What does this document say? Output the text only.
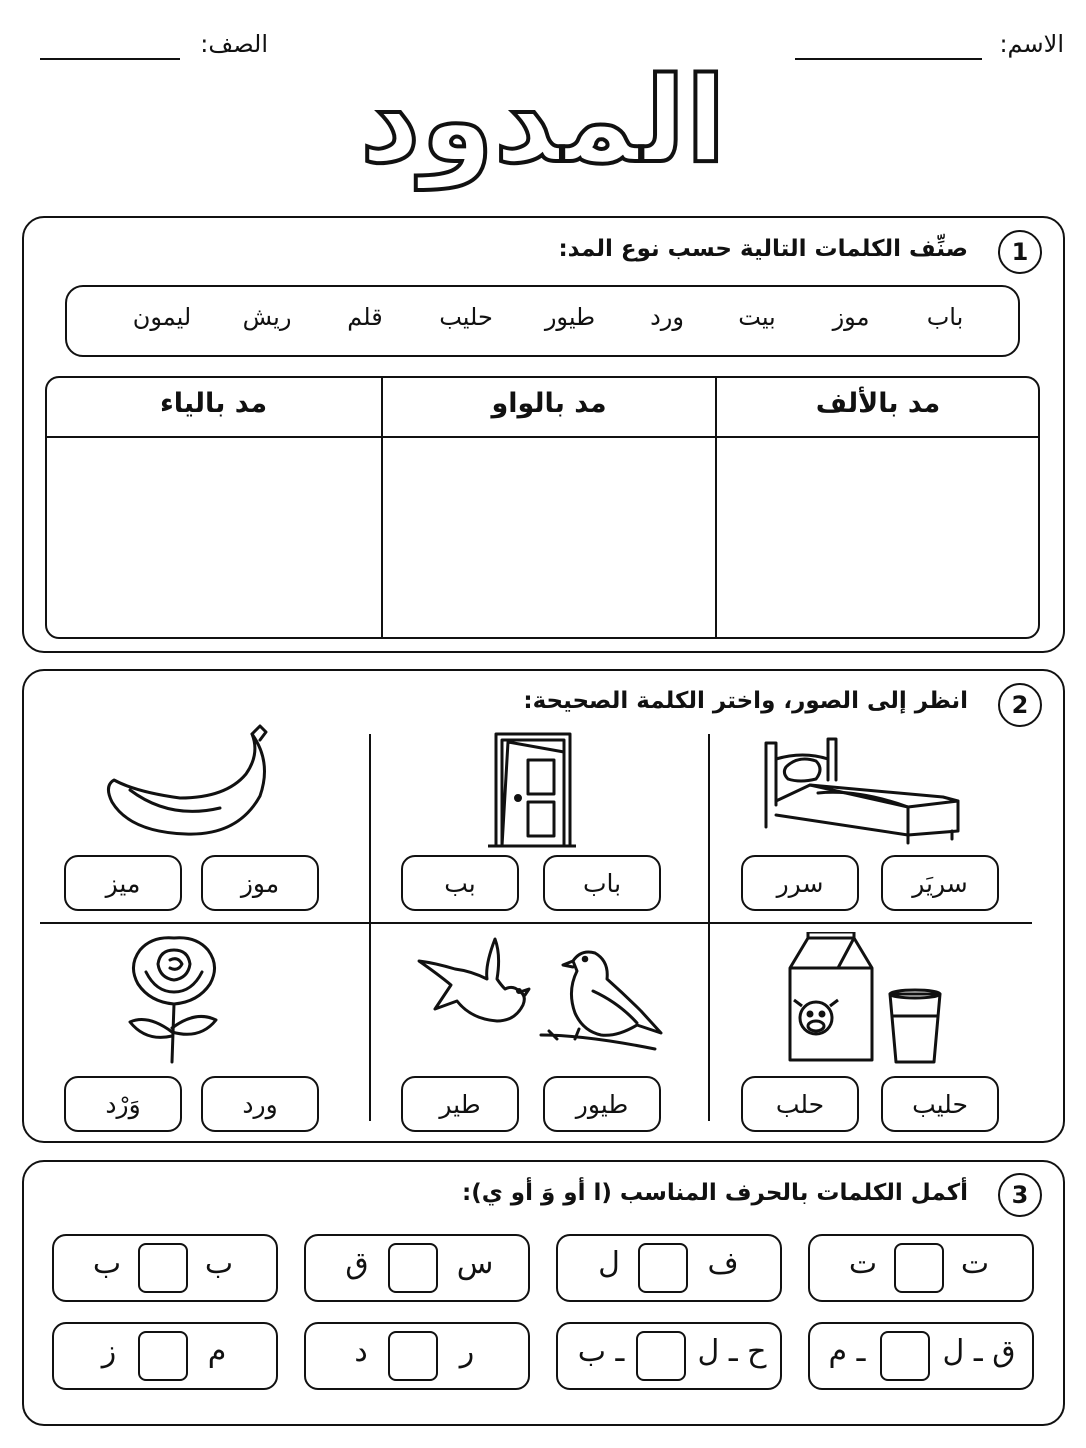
الاسم:
الصف:
المدود
1
صنِّف الكلمات التالية حسب نوع المد:
باب
موز
بيت
ورد
طيور
حليب
قلم
ريش
ليمون
مد بالألف
مد بالواو
مد بالياء
2
انظر إلى الصور، واختر الكلمة الصحيحة:
سريَر
سرر
باب
بب
موز
ميز
حليب
حلب
طيور
طير
ورد
وَرْد
3
أكمل الكلمات بالحرف المناسب (ا أو وَ أو ي):
ت
ت
ف
ل
س
ق
ب
ب
ق ـ ل
ـ م
ح ـ ل
ـ ب
ر
د
م
ز
